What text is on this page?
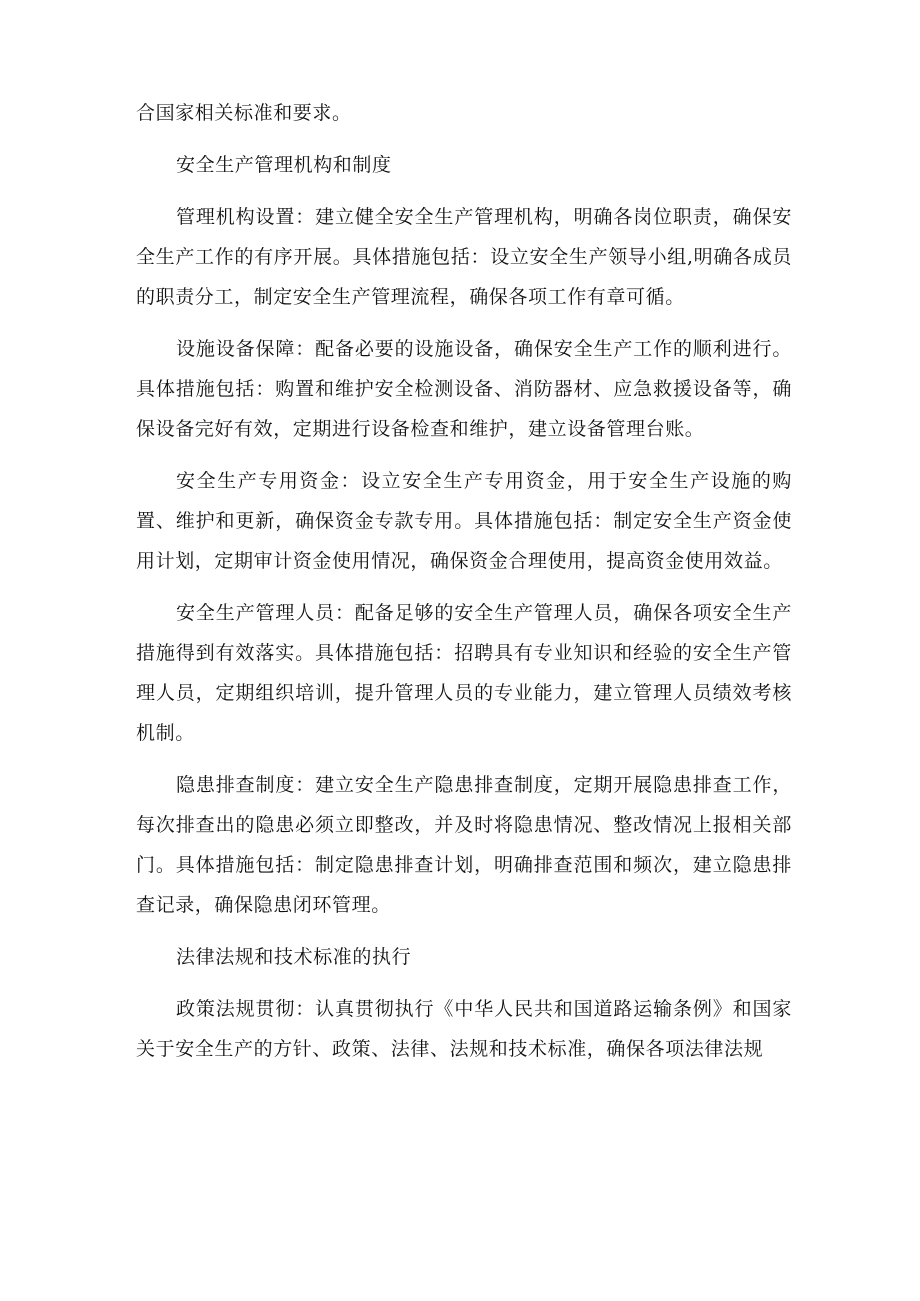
合国家相关标准和要求。

安全生产管理机构和制度

管理机构设置：建立健全安全生产管理机构，明确各岗位职责，确保安全生产工作的有序开展。具体措施包括：设立安全生产领导小组,明确各成员的职责分工，制定安全生产管理流程，确保各项工作有章可循。

设施设备保障：配备必要的设施设备，确保安全生产工作的顺利进行。具体措施包括：购置和维护安全检测设备、消防器材、应急救援设备等，确保设备完好有效，定期进行设备检查和维护，建立设备管理台账。

安全生产专用资金：设立安全生产专用资金，用于安全生产设施的购置、维护和更新，确保资金专款专用。具体措施包括：制定安全生产资金使用计划，定期审计资金使用情况，确保资金合理使用，提高资金使用效益。

安全生产管理人员：配备足够的安全生产管理人员，确保各项安全生产措施得到有效落实。具体措施包括：招聘具有专业知识和经验的安全生产管理人员，定期组织培训，提升管理人员的专业能力，建立管理人员绩效考核机制。

隐患排查制度：建立安全生产隐患排查制度，定期开展隐患排查工作，每次排查出的隐患必须立即整改，并及时将隐患情况、整改情况上报相关部门。具体措施包括：制定隐患排查计划，明确排查范围和频次，建立隐患排查记录，确保隐患闭环管理。

法律法规和技术标准的执行

政策法规贯彻：认真贯彻执行《中华人民共和国道路运输条例》和国家关于安全生产的方针、政策、法律、法规和技术标准，确保各项法律法规
